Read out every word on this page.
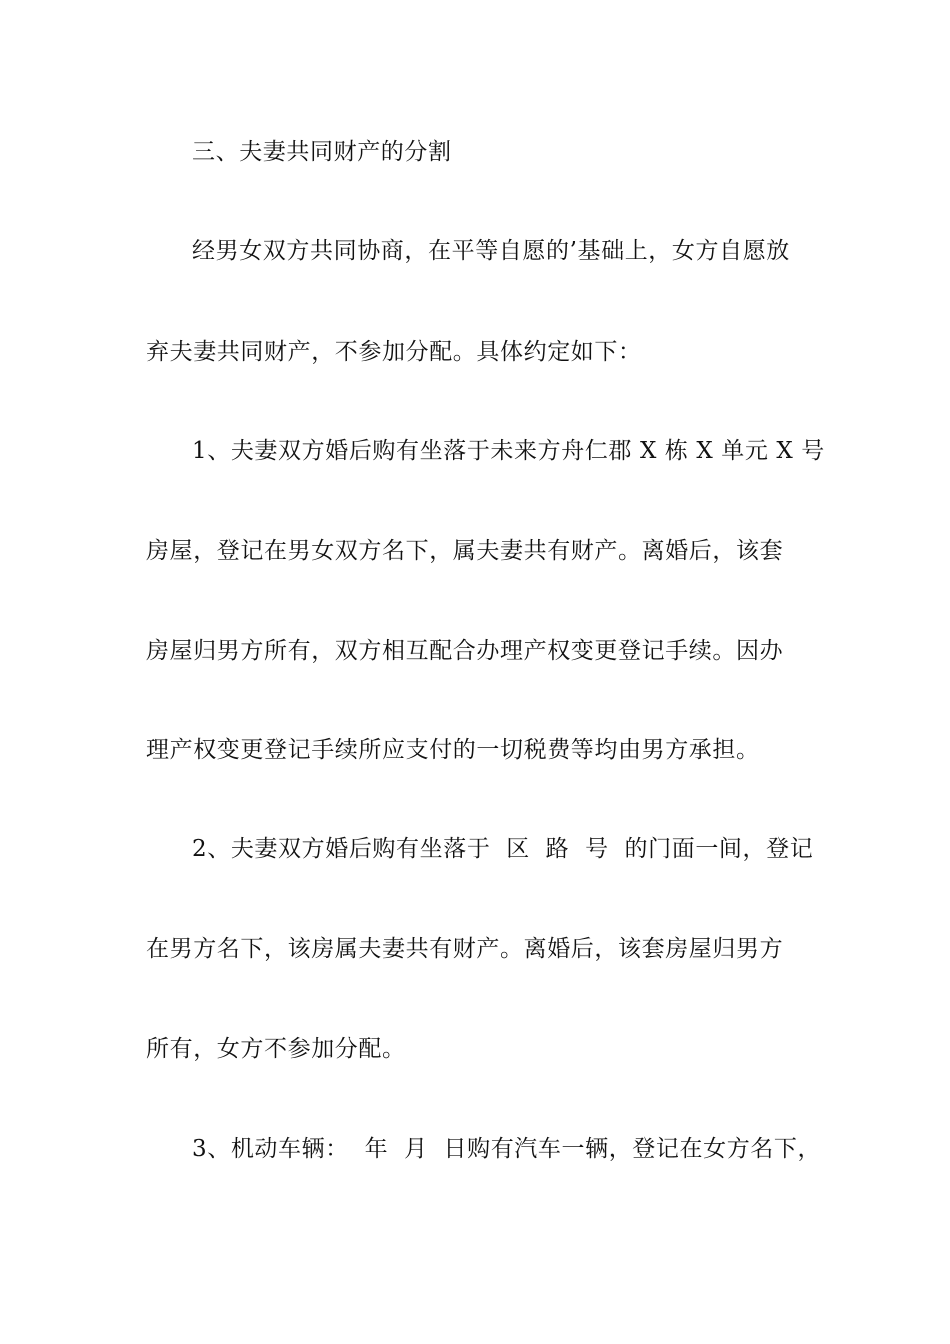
三、夫妻共同财产的分割
经男女双方共同协商，在平等自愿的’基础上，女方自愿放
弃夫妻共同财产，不参加分配。具体约定如下：
1、夫妻双方婚后购有坐落于未来方舟仁郡 X 栋 X 单元 X 号
房屋，登记在男女双方名下，属夫妻共有财产。离婚后，该套
房屋归男方所有，双方相互配合办理产权变更登记手续。因办
理产权变更登记手续所应支付的一切税费等均由男方承担。
2、夫妻双方婚后购有坐落于  区  路  号  的门面一间，登记
在男方名下，该房属夫妻共有财产。离婚后，该套房屋归男方
所有，女方不参加分配。
3、机动车辆：  年  月  日购有汽车一辆，登记在女方名下，
